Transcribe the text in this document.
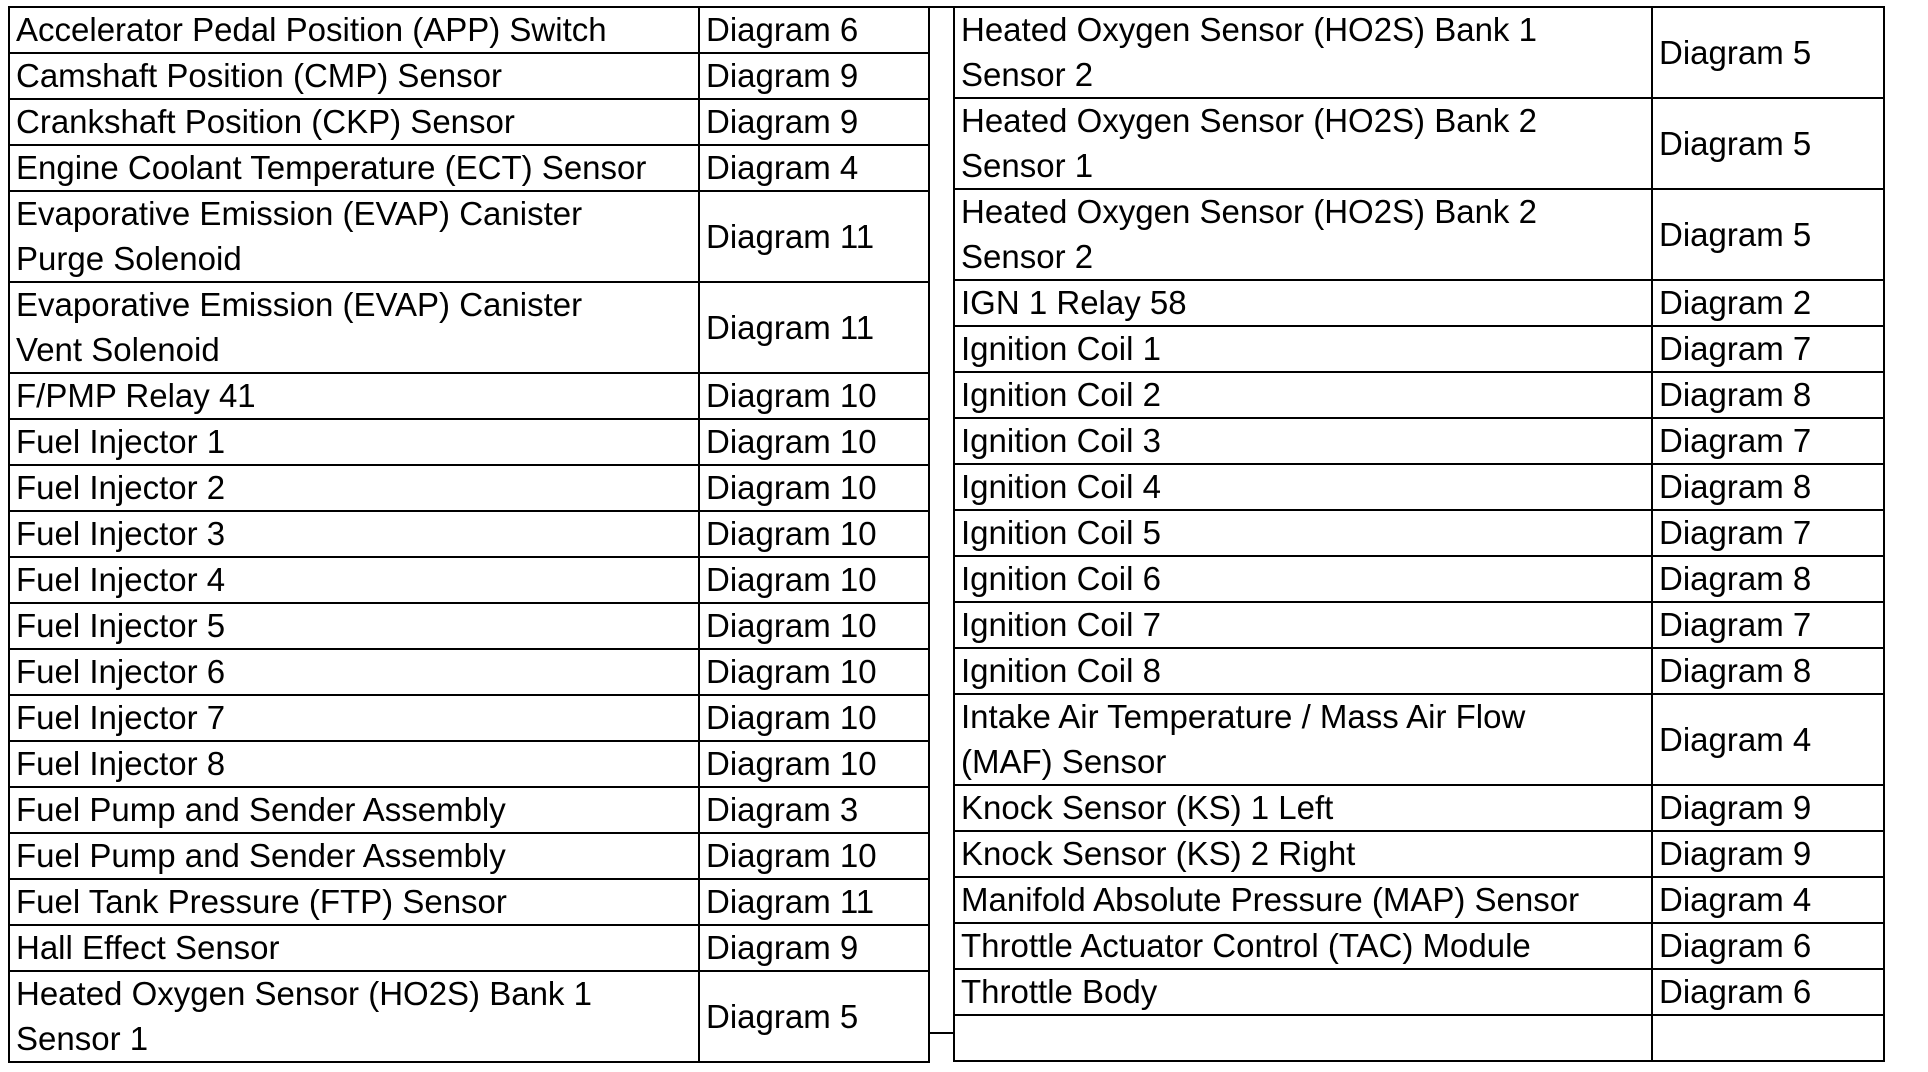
Accelerator Pedal Position (APP) Switch	Diagram 6

Camshaft Position (CMP) Sensor	Diagram 9

Crankshaft Position (CKP) Sensor	Diagram 9

Engine Coolant Temperature (ECT) Sensor	Diagram 4

Evaporative Emission (EVAP) Canister
Purge Solenoid	Diagram 11

Evaporative Emission (EVAP) Canister
Vent Solenoid	Diagram 11

F/PMP Relay 41	Diagram 10

Fuel Injector 1	Diagram 10

Fuel Injector 2	Diagram 10

Fuel Injector 3	Diagram 10

Fuel Injector 4	Diagram 10

Fuel Injector 5	Diagram 10

Fuel Injector 6	Diagram 10

Fuel Injector 7	Diagram 10

Fuel Injector 8	Diagram 10

Fuel Pump and Sender Assembly	Diagram 3

Fuel Pump and Sender Assembly	Diagram 10

Fuel Tank Pressure (FTP) Sensor	Diagram 11

Hall Effect Sensor	Diagram 9

Heated Oxygen Sensor (HO2S) Bank 1
Sensor 1	Diagram 5
Heated Oxygen Sensor (HO2S) Bank 1
Sensor 2	Diagram 5

Heated Oxygen Sensor (HO2S) Bank 2
Sensor 1	Diagram 5

Heated Oxygen Sensor (HO2S) Bank 2
Sensor 2	Diagram 5

IGN 1 Relay 58	Diagram 2

Ignition Coil 1	Diagram 7

Ignition Coil 2	Diagram 8

Ignition Coil 3	Diagram 7

Ignition Coil 4	Diagram 8

Ignition Coil 5	Diagram 7

Ignition Coil 6	Diagram 8

Ignition Coil 7	Diagram 7

Ignition Coil 8	Diagram 8

Intake Air Temperature / Mass Air Flow
(MAF) Sensor	Diagram 4

Knock Sensor (KS) 1 Left	Diagram 9

Knock Sensor (KS) 2 Right	Diagram 9

Manifold Absolute Pressure (MAP) Sensor	Diagram 4

Throttle Actuator Control (TAC) Module	Diagram 6

Throttle Body	Diagram 6
